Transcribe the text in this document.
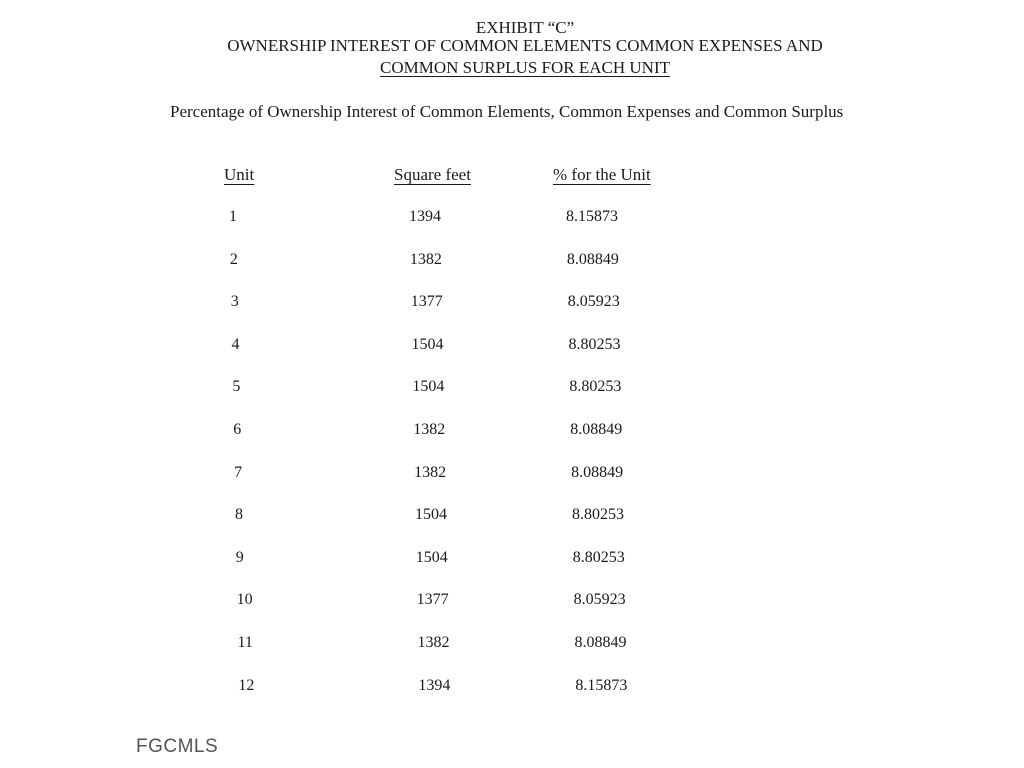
EXHIBIT “C”
OWNERSHIP INTEREST OF COMMON ELEMENTS COMMON EXPENSES AND
COMMON SURPLUS FOR EACH UNIT
Percentage of Ownership Interest of Common Elements, Common Expenses and Common Surplus
Unit	Square feet	% for the Unit
1	1394	8.15873
2	1382	8.08849
3	1377	8.05923
4	1504	8.80253
5	1504	8.80253
6	1382	8.08849
7	1382	8.08849
8	1504	8.80253
9	1504	8.80253
10	1377	8.05923
11	1382	8.08849
12	1394	8.15873
FGCMLS
